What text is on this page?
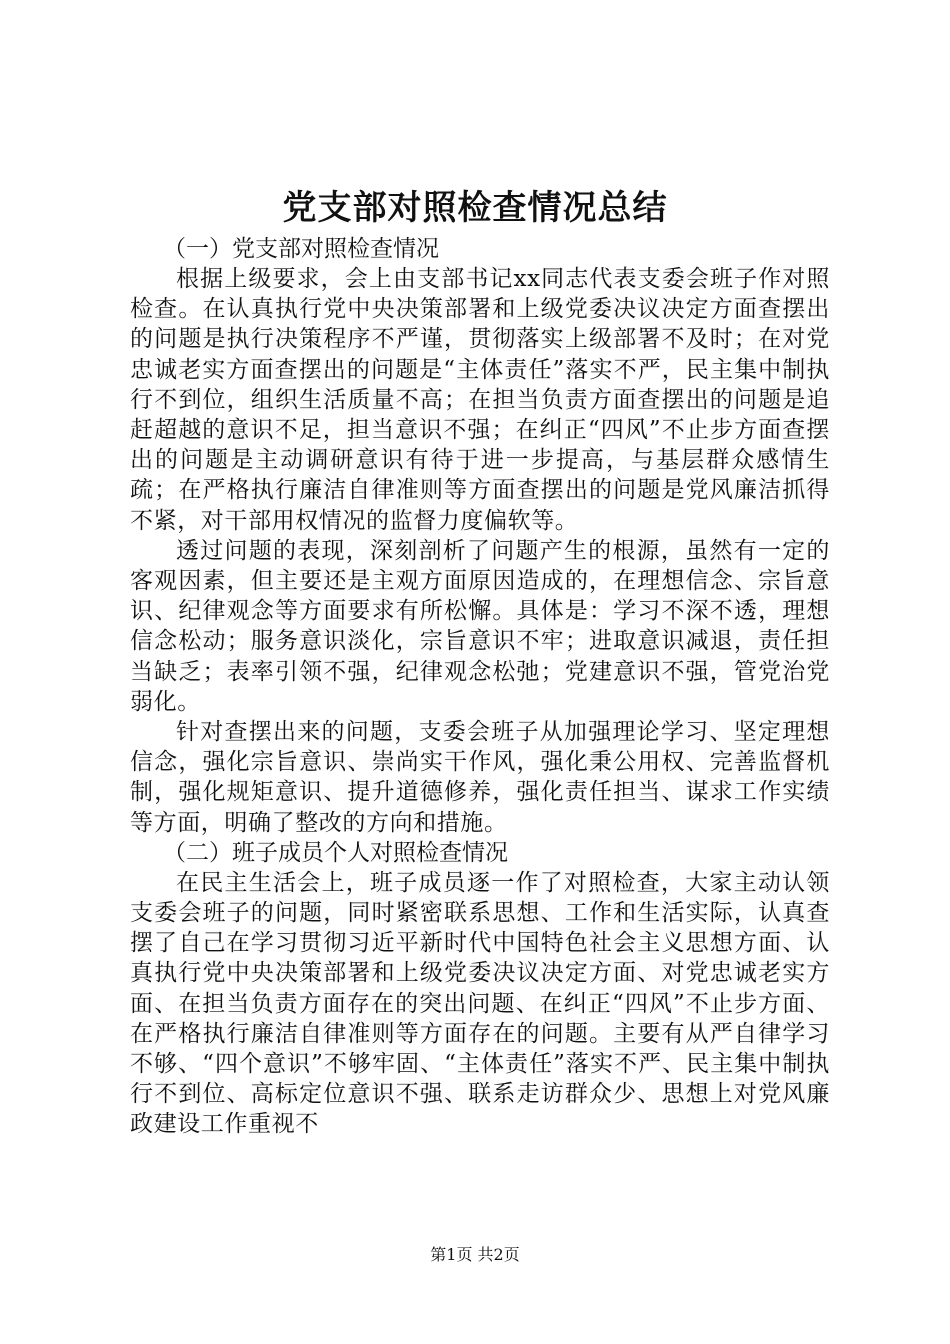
党支部对照检查情况总结
（一）党支部对照检查情况

根据上级要求，会上由支部书记xx同志代表支委会班子作对照检查。在认真执行党中央决策部署和上级党委决议决定方面查摆出的问题是执行决策程序不严谨，贯彻落实上级部署不及时；在对党忠诚老实方面查摆出的问题是“主体责任”落实不严，民主集中制执行不到位，组织生活质量不高；在担当负责方面查摆出的问题是追赶超越的意识不足，担当意识不强；在纠正“四风”不止步方面查摆出的问题是主动调研意识有待于进一步提高，与基层群众感情生疏；在严格执行廉洁自律准则等方面查摆出的问题是党风廉洁抓得不紧，对干部用权情况的监督力度偏软等。

透过问题的表现，深刻剖析了问题产生的根源，虽然有一定的客观因素，但主要还是主观方面原因造成的，在理想信念、宗旨意识、纪律观念等方面要求有所松懈。具体是：学习不深不透，理想信念松动；服务意识淡化，宗旨意识不牢；进取意识减退，责任担当缺乏；表率引领不强，纪律观念松弛；党建意识不强，管党治党弱化。

针对查摆出来的问题，支委会班子从加强理论学习、坚定理想信念，强化宗旨意识、崇尚实干作风，强化秉公用权、完善监督机制，强化规矩意识、提升道德修养，强化责任担当、谋求工作实绩等方面，明确了整改的方向和措施。

（二）班子成员个人对照检查情况

在民主生活会上，班子成员逐一作了对照检查，大家主动认领支委会班子的问题，同时紧密联系思想、工作和生活实际，认真查摆了自己在学习贯彻习近平新时代中国特色社会主义思想方面、认真执行党中央决策部署和上级党委决议决定方面、对党忠诚老实方面、在担当负责方面存在的突出问题、在纠正“四风”不止步方面、在严格执行廉洁自律准则等方面存在的问题。主要有从严自律学习不够、“四个意识”不够牢固、“主体责任”落实不严、民主集中制执行不到位、高标定位意识不强、联系走访群众少、思想上对党风廉政建设工作重视不

第1页 共2页
